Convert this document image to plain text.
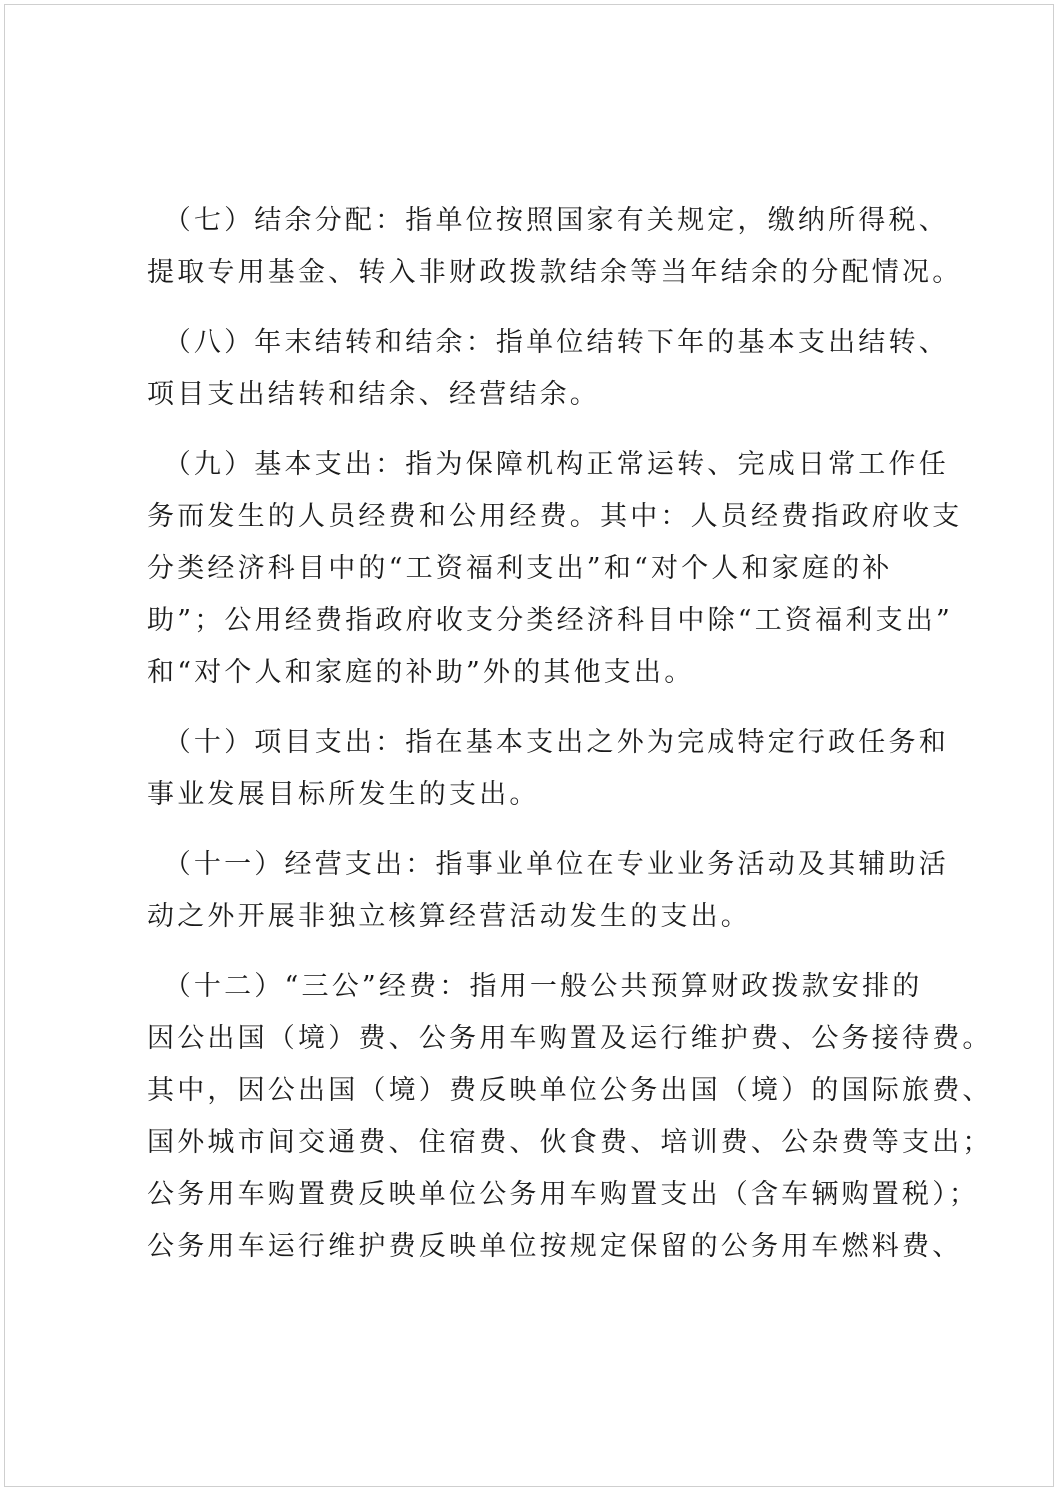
　（七）结余分配：指单位按照国家有关规定，缴纳所得税、
提取专用基金、转入非财政拨款结余等当年结余的分配情况。
　（八）年末结转和结余：指单位结转下年的基本支出结转、
项目支出结转和结余、经营结余。
　（九）基本支出：指为保障机构正常运转、完成日常工作任
务而发生的人员经费和公用经费。其中：人员经费指政府收支
分类经济科目中的“工资福利支出”和“对个人和家庭的补
助”；公用经费指政府收支分类经济科目中除“工资福利支出”
和“对个人和家庭的补助”外的其他支出。
　（十）项目支出：指在基本支出之外为完成特定行政任务和
事业发展目标所发生的支出。
　（十一）经营支出：指事业单位在专业业务活动及其辅助活
动之外开展非独立核算经营活动发生的支出。
　（十二）“三公”经费：指用一般公共预算财政拨款安排的
因公出国（境）费、公务用车购置及运行维护费、公务接待费。
其中，因公出国（境）费反映单位公务出国（境）的国际旅费、
国外城市间交通费、住宿费、伙食费、培训费、公杂费等支出；
公务用车购置费反映单位公务用车购置支出（含车辆购置税）；
公务用车运行维护费反映单位按规定保留的公务用车燃料费、
